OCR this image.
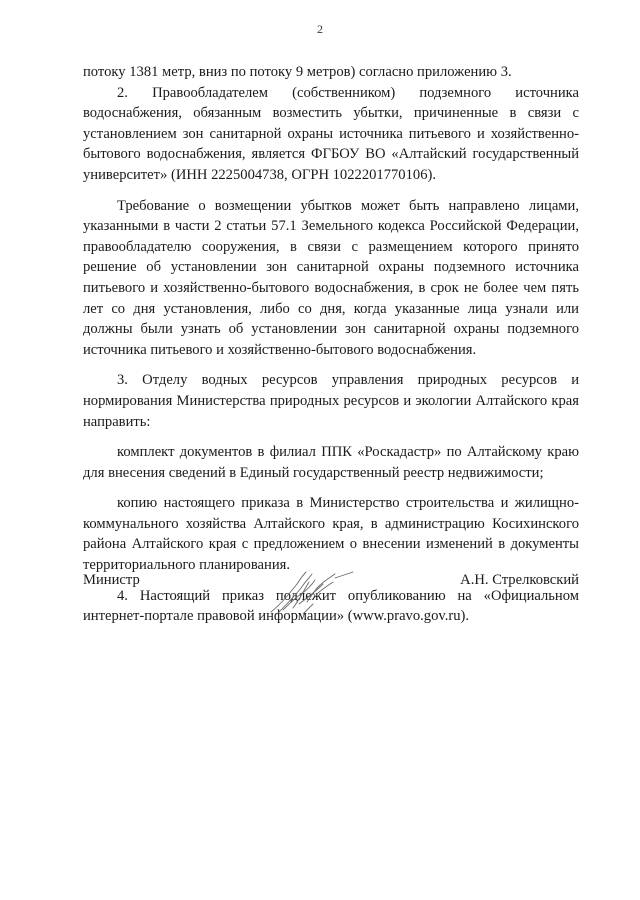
2

потоку 1381 метр, вниз по потоку 9 метров) согласно приложению 3.

2. Правообладателем (собственником) подземного источника водоснабжения, обязанным возместить убытки, причиненные в связи с установлением зон санитарной охраны источника питьевого и хозяйственно-бытового водоснабжения, является ФГБОУ ВО «Алтайский государственный университет» (ИНН 2225004738, ОГРН 1022201770106).

Требование о возмещении убытков может быть направлено лицами, указанными в части 2 статьи 57.1 Земельного кодекса Российской Федерации, правообладателю сооружения, в связи с размещением которого принято решение об установлении зон санитарной охраны подземного источника питьевого и хозяйственно-бытового водоснабжения, в срок не более чем пять лет со дня установления, либо со дня, когда указанные лица узнали или должны были узнать об установлении зон санитарной охраны подземного источника питьевого и хозяйственно-бытового водоснабжения.

3. Отделу водных ресурсов управления природных ресурсов и нормирования Министерства природных ресурсов и экологии Алтайского края направить:

комплект документов в филиал ППК «Роскадастр» по Алтайскому краю для внесения сведений в Единый государственный реестр недвижимости;

копию настоящего приказа в Министерство строительства и жилищно-коммунального хозяйства Алтайского края, в администрацию Косихинского района Алтайского края с предложением о внесении изменений в документы территориального планирования.

4. Настоящий приказ подлежит опубликованию на «Официальном интернет-портале правовой информации» (www.pravo.gov.ru).

Министр	А.Н. Стрелковский
